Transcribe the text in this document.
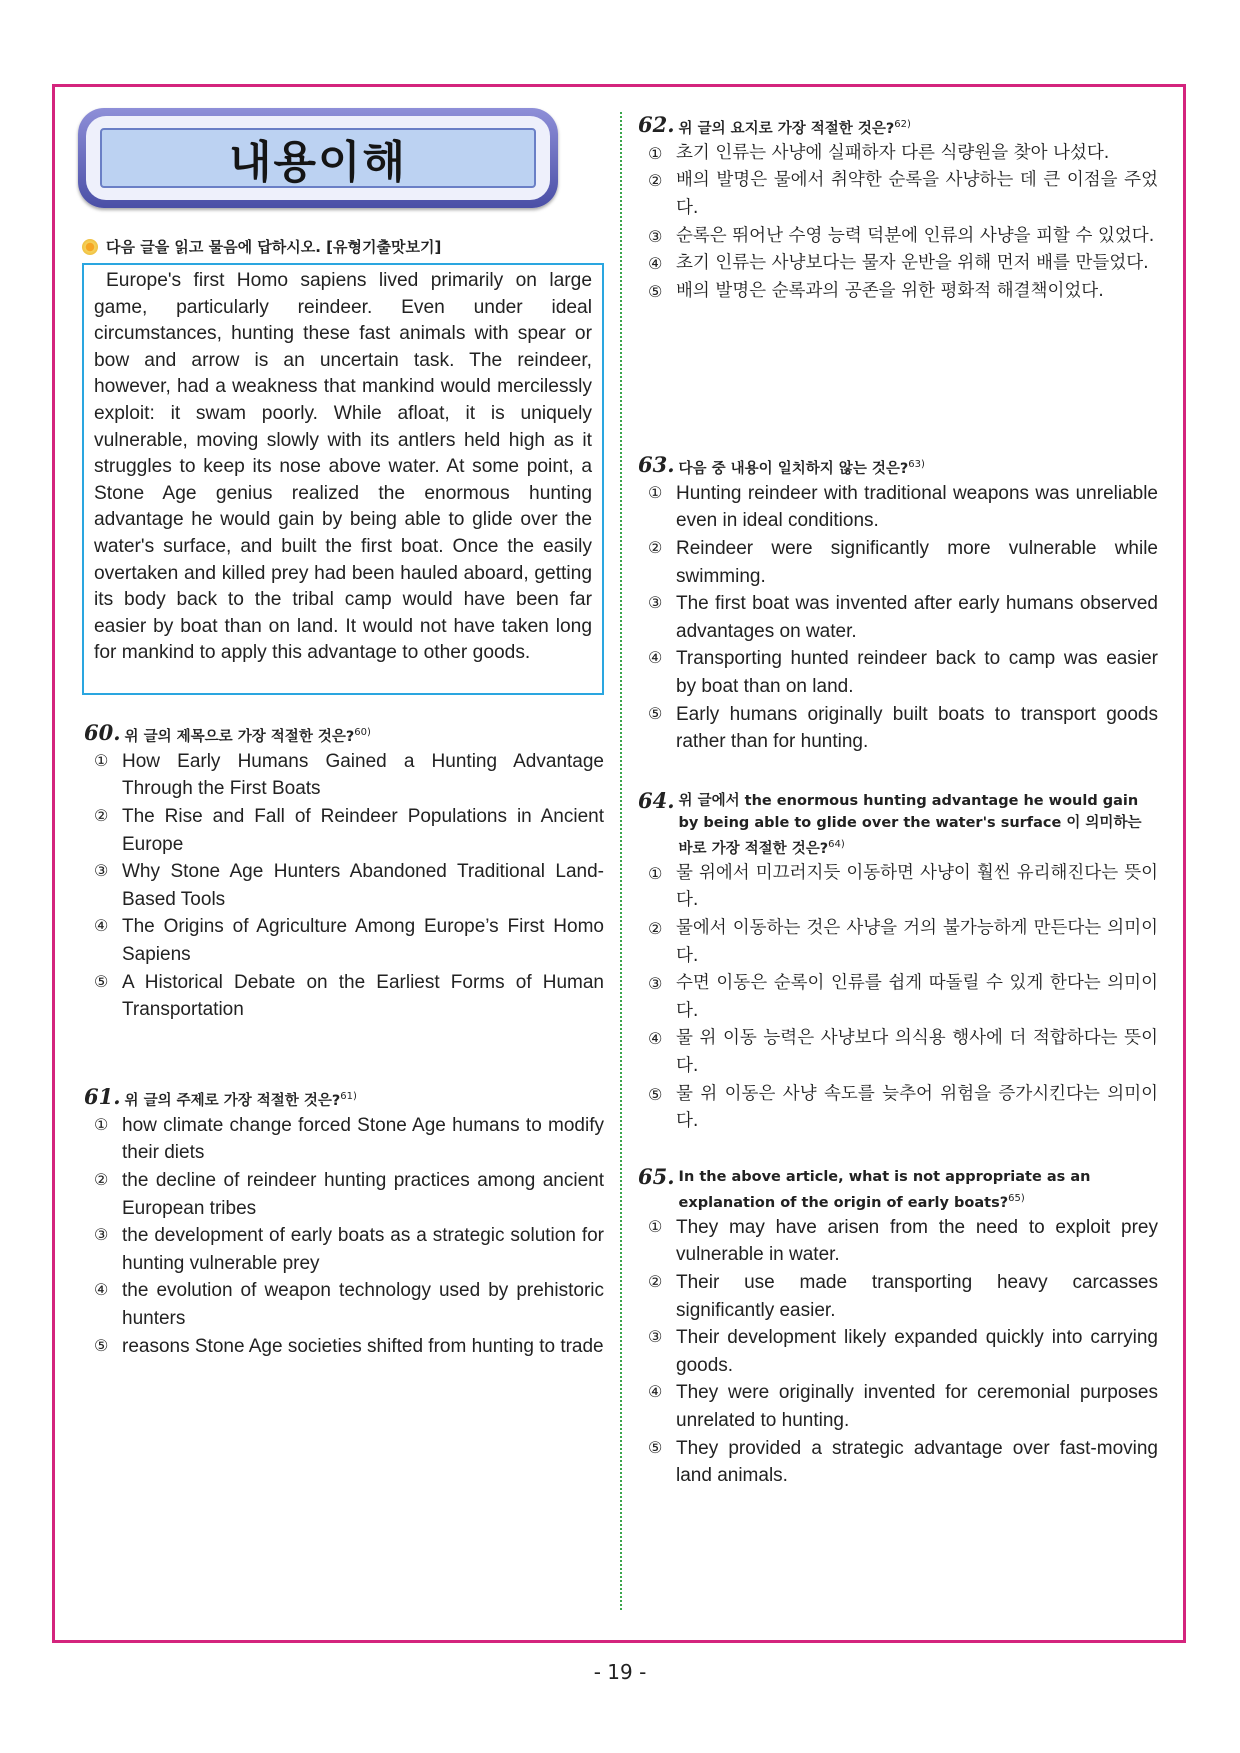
내용이해
다음 글을 읽고 물음에 답하시오. [유형기출맛보기]
Europe's first Homo sapiens lived primarily on large game, particularly reindeer. Even under ideal circumstances, hunting these fast animals with spear or bow and arrow is an uncertain task. The reindeer, however, had a weakness that mankind would mercilessly exploit: it swam poorly. While afloat, it is uniquely vulnerable, moving slowly with its antlers held high as it struggles to keep its nose above water. At some point, a Stone Age genius realized the enormous hunting advantage he would gain by being able to glide over the water's surface, and built the first boat. Once the easily overtaken and killed prey had been hauled aboard, getting its body back to the tribal camp would have been far easier by boat than on land. It would not have taken long for mankind to apply this advantage to other goods.
60. 위 글의 제목으로 가장 적절한 것은?$^{60)}$
① How Early Humans Gained a Hunting Advantage Through the First Boats
② The Rise and Fall of Reindeer Populations in Ancient Europe
③ Why Stone Age Hunters Abandoned Traditional Land-Based Tools
④ The Origins of Agriculture Among Europe’s First Homo Sapiens
⑤ A Historical Debate on the Earliest Forms of Human Transportation
61. 위 글의 주제로 가장 적절한 것은?$^{61)}$
① how climate change forced Stone Age humans to modify their diets
② the decline of reindeer hunting practices among ancient European tribes
③ the development of early boats as a strategic solution for hunting vulnerable prey
④ the evolution of weapon technology used by prehistoric hunters
⑤ reasons Stone Age societies shifted from hunting to trade
62. 위 글의 요지로 가장 적절한 것은?$^{62)}$
① 초기 인류는 사냥에 실패하자 다른 식량원을 찾아 나섰다.
② 배의 발명은 물에서 취약한 순록을 사냥하는 데 큰 이점을 주었다.
③ 순록은 뛰어난 수영 능력 덕분에 인류의 사냥을 피할 수 있었다.
④ 초기 인류는 사냥보다는 물자 운반을 위해 먼저 배를 만들었다.
⑤ 배의 발명은 순록과의 공존을 위한 평화적 해결책이었다.
63. 다음 중 내용이 일치하지 않는 것은?$^{63)}$
① Hunting reindeer with traditional weapons was unreliable even in ideal conditions.
② Reindeer were significantly more vulnerable while swimming.
③ The first boat was invented after early humans observed advantages on water.
④ Transporting hunted reindeer back to camp was easier by boat than on land.
⑤ Early humans originally built boats to transport goods rather than for hunting.
64. 위 글에서 the enormous hunting advantage he would gain by being able to glide over the water's surface 이 의미하는 바로 가장 적절한 것은?$^{64)}$
① 물 위에서 미끄러지듯 이동하면 사냥이 훨씬 유리해진다는 뜻이다.
② 물에서 이동하는 것은 사냥을 거의 불가능하게 만든다는 의미이다.
③ 수면 이동은 순록이 인류를 쉽게 따돌릴 수 있게 한다는 의미이다.
④ 물 위 이동 능력은 사냥보다 의식용 행사에 더 적합하다는 뜻이다.
⑤ 물 위 이동은 사냥 속도를 늦추어 위험을 증가시킨다는 의미이다.
65. In the above article, what is not appropriate as an explanation of the origin of early boats?$^{65)}$
① They may have arisen from the need to exploit prey vulnerable in water.
② Their use made transporting heavy carcasses significantly easier.
③ Their development likely expanded quickly into carrying goods.
④ They were originally invented for ceremonial purposes unrelated to hunting.
⑤ They provided a strategic advantage over fast-moving land animals.
- 19 -
